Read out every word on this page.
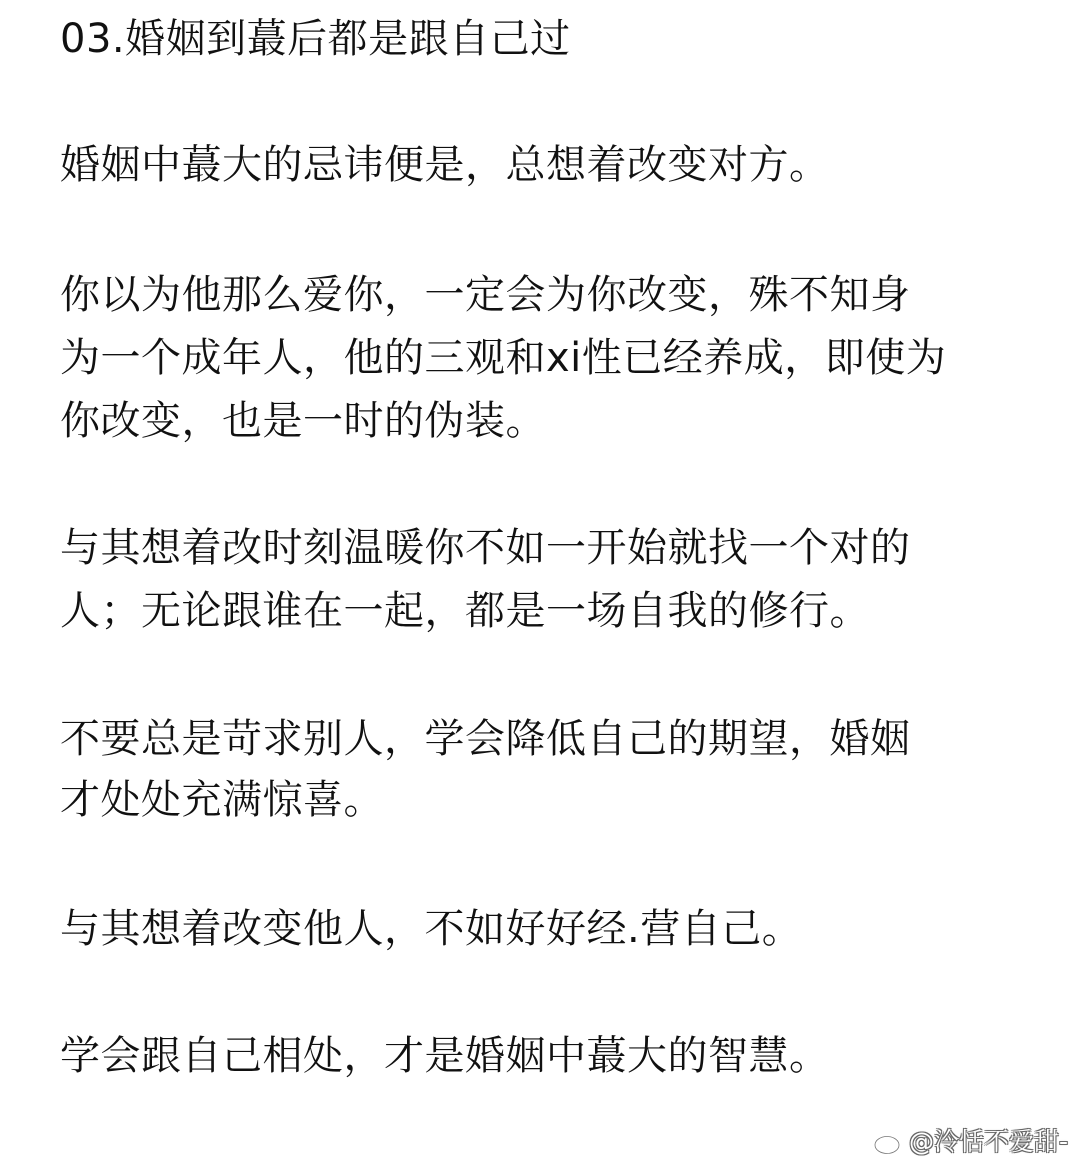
03.婚姻到蕞后都是跟自己过
婚姻中蕞大的忌讳便是，总想着改变对方。
你以为他那么爱你，一定会为你改变，殊不知身
为一个成年人，他的三观和xi性已经养成，即使为
你改变，也是一时的伪装。
与其想着改时刻温暖你不如一开始就找一个对的
人；无论跟谁在一起，都是一场自我的修行。
不要总是苛求别人，学会降低自己的期望，婚姻
才处处充满惊喜。
与其想着改变他人，不如好好经.营自己。
学会跟自己相处，才是婚姻中蕞大的智慧。
@泠恬不爱甜-
